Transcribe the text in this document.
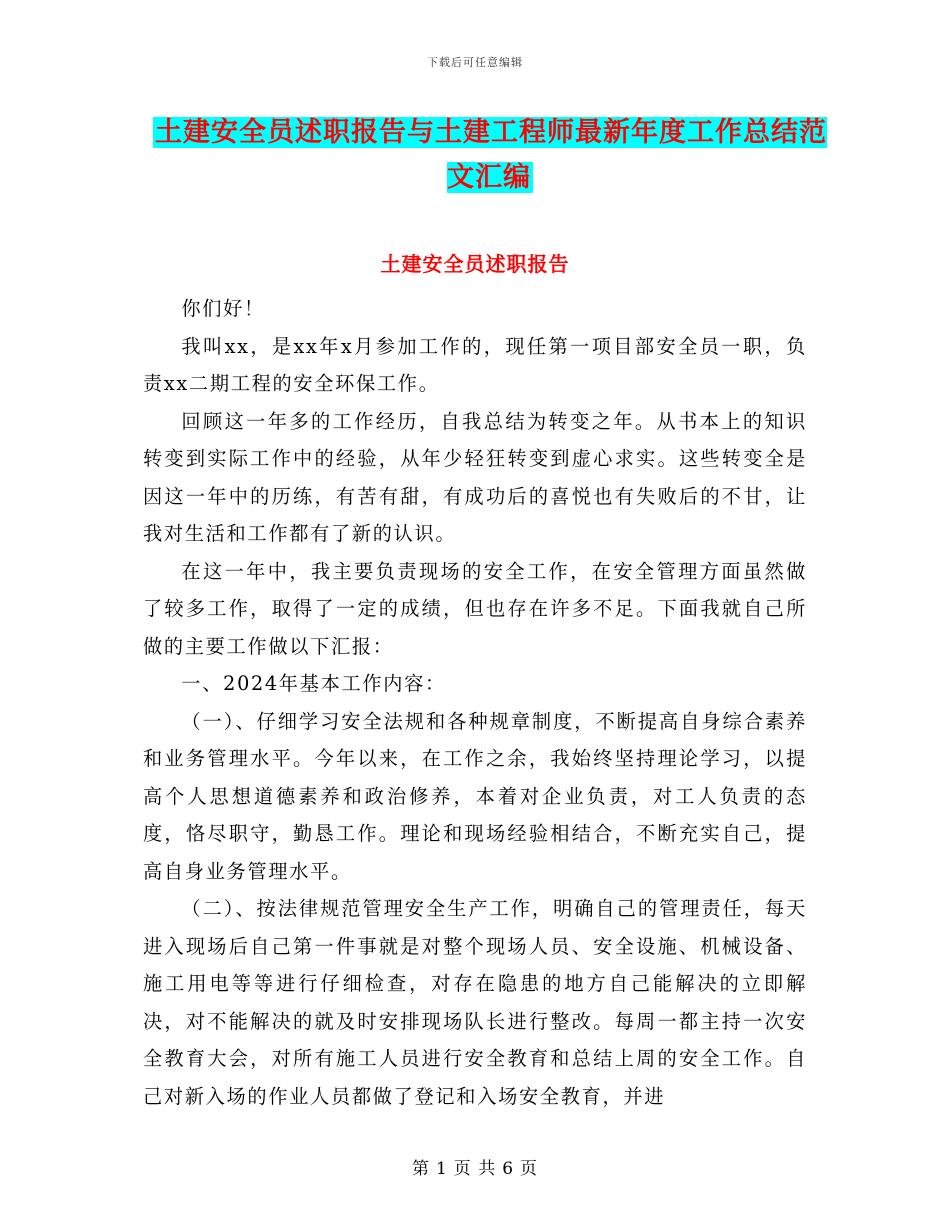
下载后可任意编辑
土建安全员述职报告与土建工程师最新年度工作总结范文汇编
土建安全员述职报告

你们好！

我叫xx，是xx年x月参加工作的，现任第一项目部安全员一职，负责xx二期工程的安全环保工作。

回顾这一年多的工作经历，自我总结为转变之年。从书本上的知识转变到实际工作中的经验，从年少轻狂转变到虚心求实。这些转变全是因这一年中的历练，有苦有甜，有成功后的喜悦也有失败后的不甘，让我对生活和工作都有了新的认识。

在这一年中，我主要负责现场的安全工作，在安全管理方面虽然做了较多工作，取得了一定的成绩，但也存在许多不足。下面我就自己所做的主要工作做以下汇报：

一、2024年基本工作内容：

（一）、仔细学习安全法规和各种规章制度，不断提高自身综合素养和业务管理水平。今年以来，在工作之余，我始终坚持理论学习，以提高个人思想道德素养和政治修养，本着对企业负责，对工人负责的态度，恪尽职守，勤恳工作。理论和现场经验相结合，不断充实自己，提高自身业务管理水平。

（二）、按法律规范管理安全生产工作，明确自己的管理责任，每天进入现场后自己第一件事就是对整个现场人员、安全设施、机械设备、施工用电等等进行仔细检查，对存在隐患的地方自己能解决的立即解决，对不能解决的就及时安排现场队长进行整改。每周一都主持一次安全教育大会，对所有施工人员进行安全教育和总结上周的安全工作。自己对新入场的作业人员都做了登记和入场安全教育，并进

第 1 页 共 6 页
